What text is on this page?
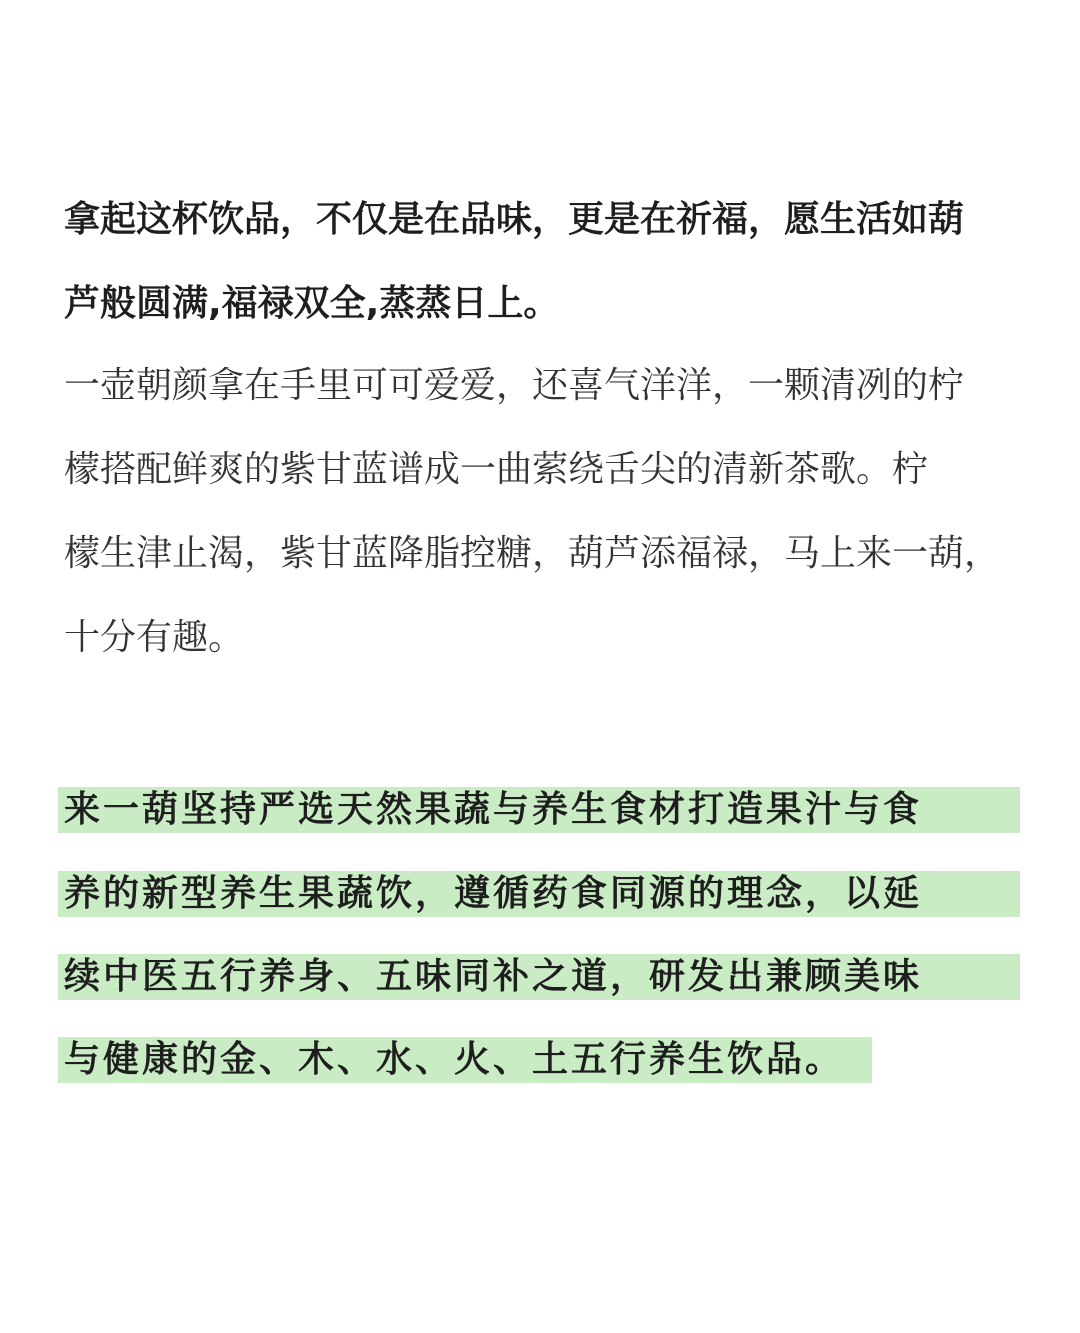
拿起这杯饮品，不仅是在品味，更是在祈福，愿生活如葫
芦般圆满,福禄双全,蒸蒸日上。
一壶朝颜拿在手里可可爱爱，还喜气洋洋，一颗清冽的柠
檬搭配鲜爽的紫甘蓝谱成一曲萦绕舌尖的清新茶歌。柠
檬生津止渴，紫甘蓝降脂控糖，葫芦添福禄，马上来一葫，
十分有趣。
来一葫坚持严选天然果蔬与养生食材打造果汁与食
养的新型养生果蔬饮，遵循药食同源的理念，以延
续中医五行养身、五味同补之道，研发出兼顾美味
与健康的金、木、水、火、土五行养生饮品。
